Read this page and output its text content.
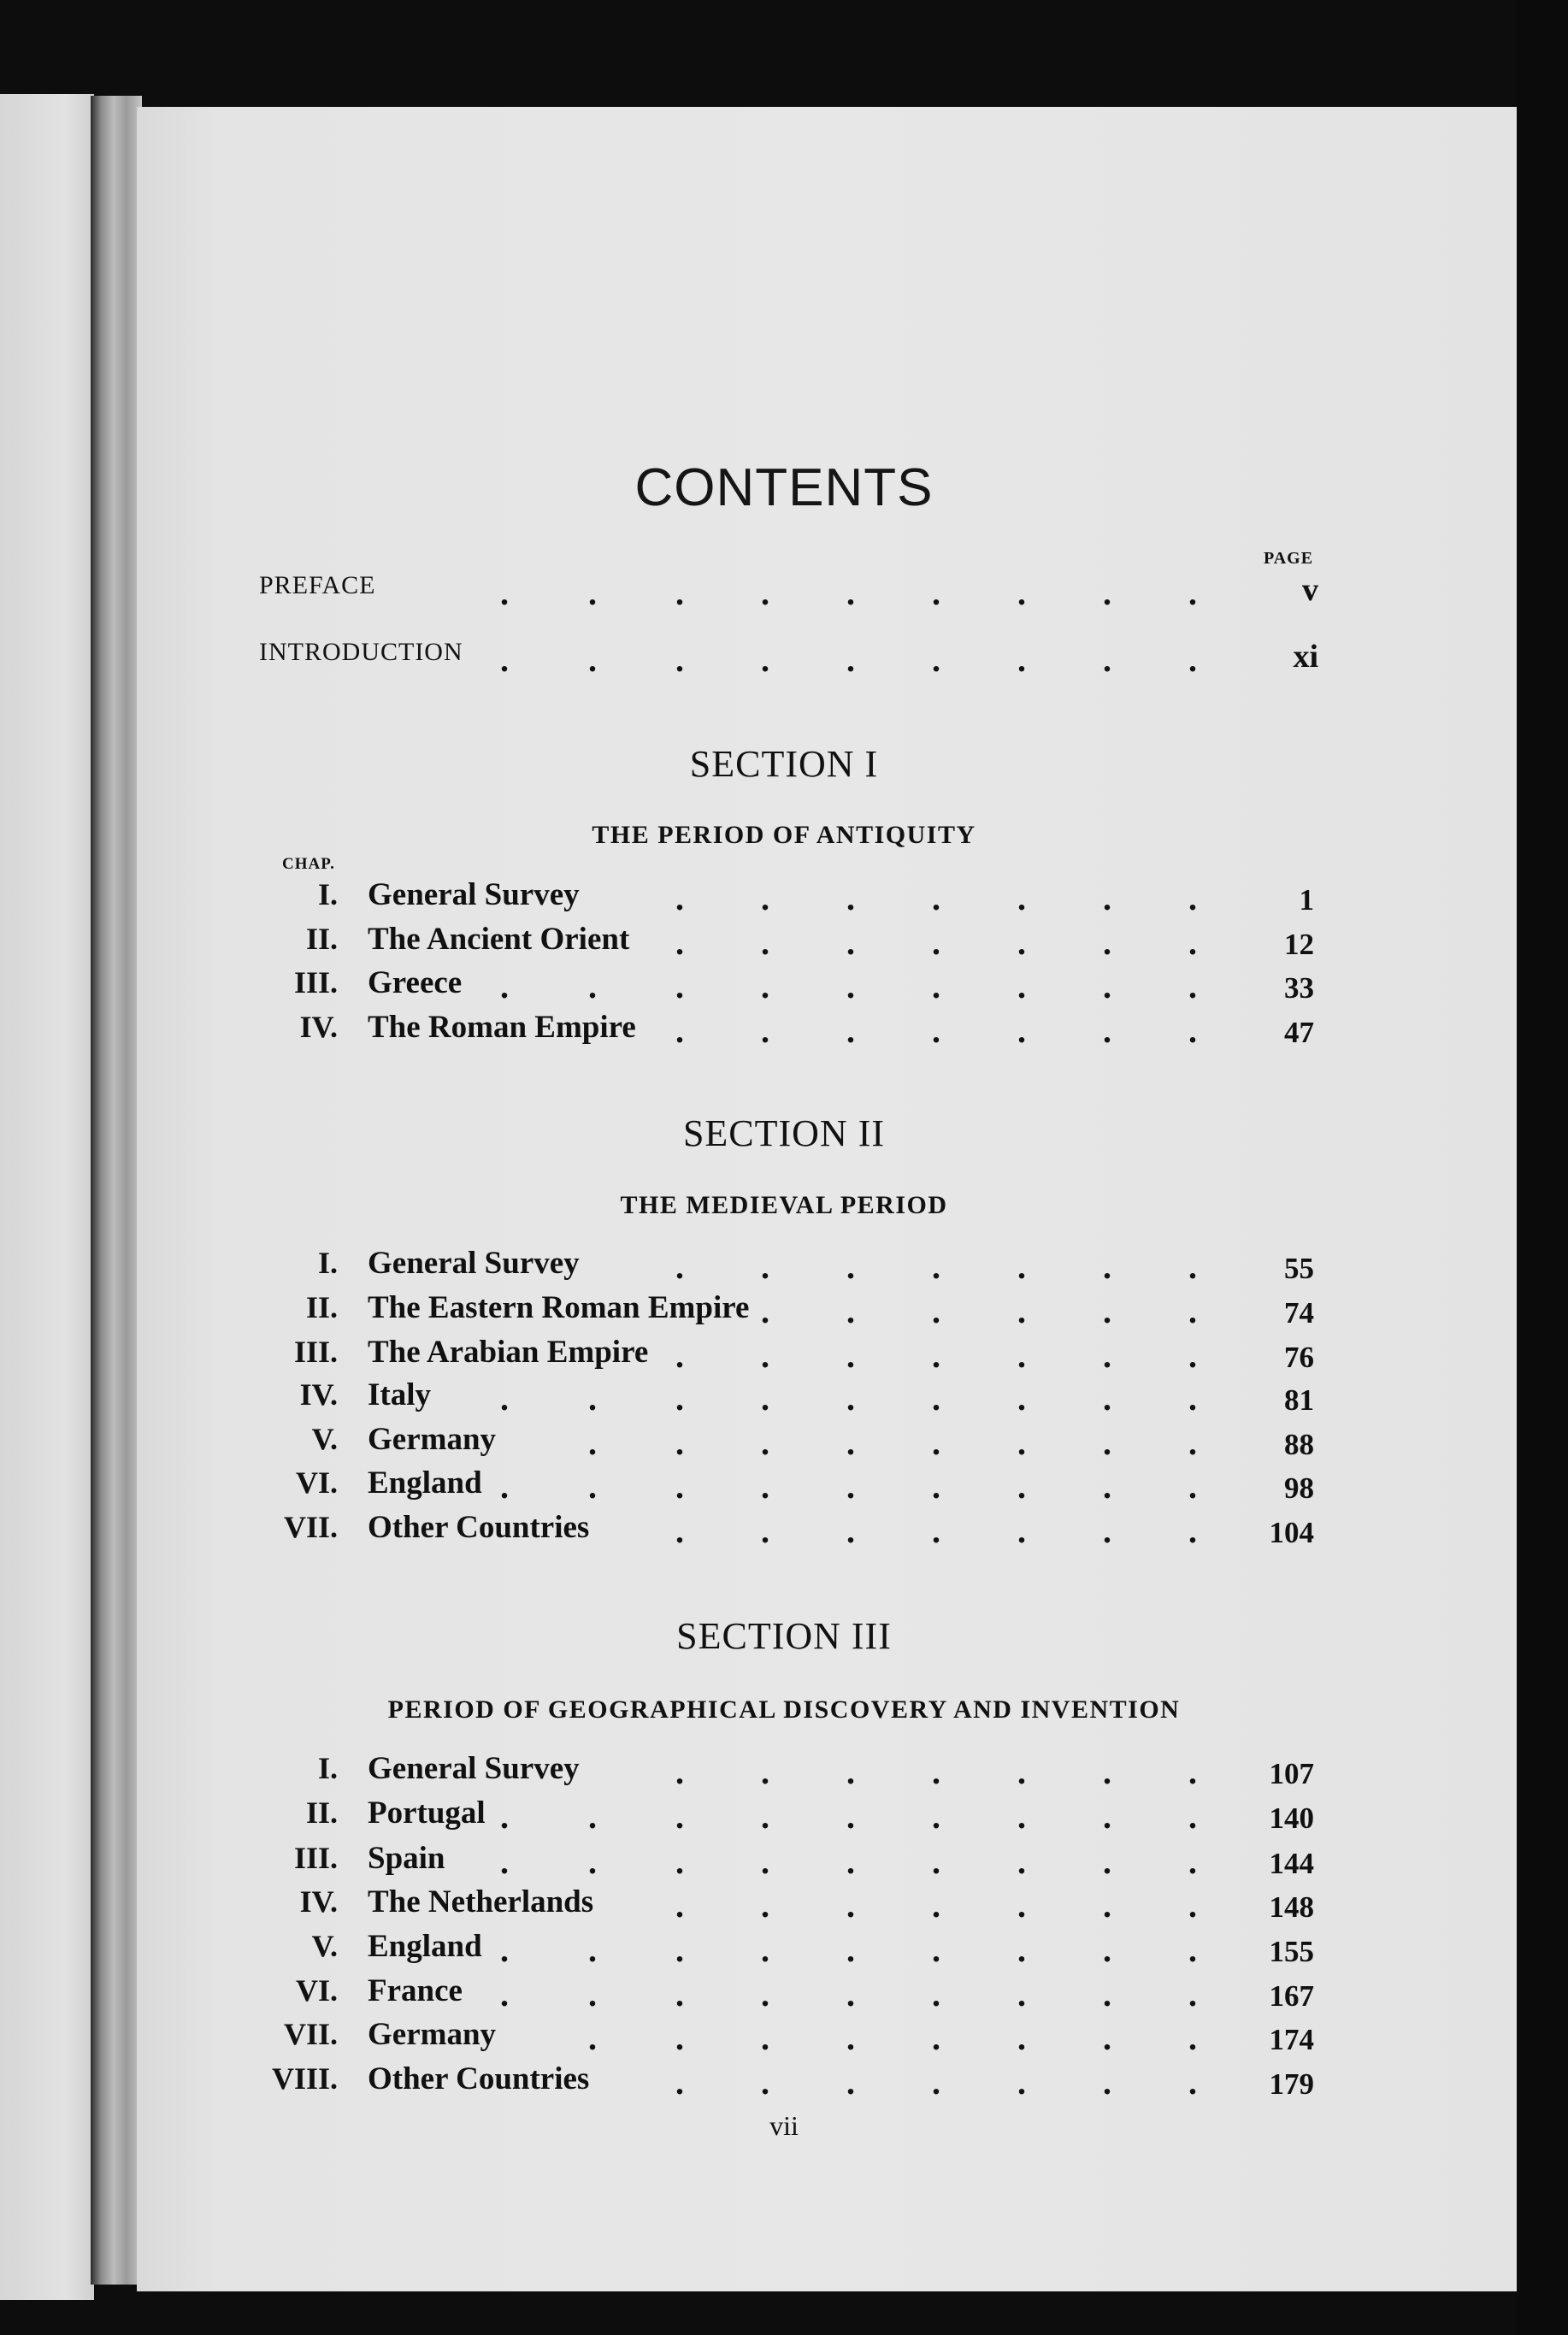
CONTENTS
PAGE
PREFACE	v
. . . . . . . . .
INTRODUCTION	xi
. . . . . . . . .
CHAP.
SECTION I
THE PERIOD OF ANTIQUITY
I. General Survey	1
. . . . . . .
II. The Ancient Orient	12
. . . . . . .
III. Greece	33
. . . . . . . . .
IV. The Roman Empire	47
. . . . . . .
SECTION II
THE MEDIEVAL PERIOD
I. General Survey	55
. . . . . . .
II. The Eastern Roman Empire	74
. . . . . .
III. The Arabian Empire	76
. . . . . . .
IV. Italy	81
. . . . . . . . .
V. Germany	88
. . . . . . . .
VI. England	98
. . . . . . . . .
VII. Other Countries	104
. . . . . . .
SECTION III
PERIOD OF GEOGRAPHICAL DISCOVERY AND INVENTION
I. General Survey	107
. . . . . . .
II. Portugal	140
. . . . . . . . .
III. Spain	144
. . . . . . . . .
IV. The Netherlands	148
. . . . . . .
V. England	155
. . . . . . . . .
VI. France	167
. . . . . . . . .
VII. Germany	174
. . . . . . . .
VIII. Other Countries	179
. . . . . . .
vii
